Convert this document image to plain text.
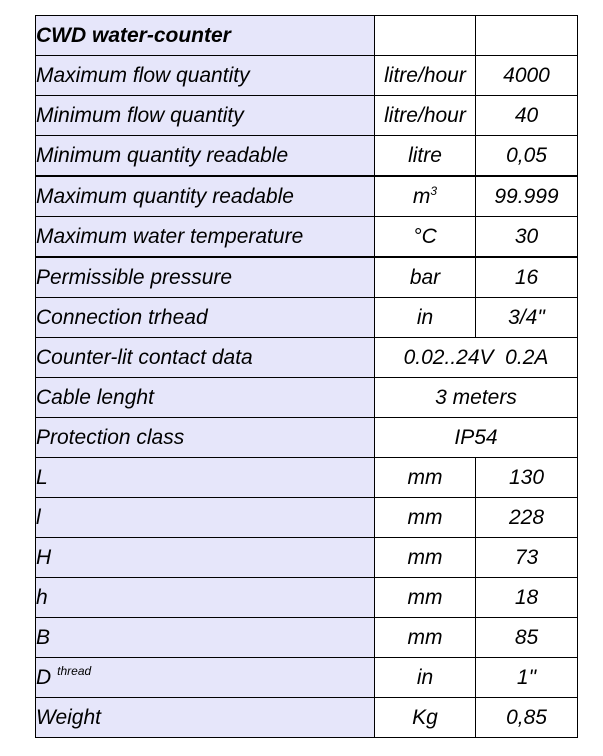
CWD water-counter		
Maximum flow quantity	litre/hour	4000
Minimum flow quantity	litre/hour	40
Minimum quantity readable	litre	0,05
Maximum quantity readable	$m^3$	99.999
Maximum water temperature	°C	30
Permissible pressure	bar	16
Connection trhead	in	3/4"
Counter-lit contact data	0.02..24V  0.2A	
Cable lenght	3 meters	
Protection class	IP54	
L	mm	130
l	mm	228
H	mm	73
h	mm	18
B	mm	85
D $^{thread}$	in	1"
Weight	Kg	0,85
